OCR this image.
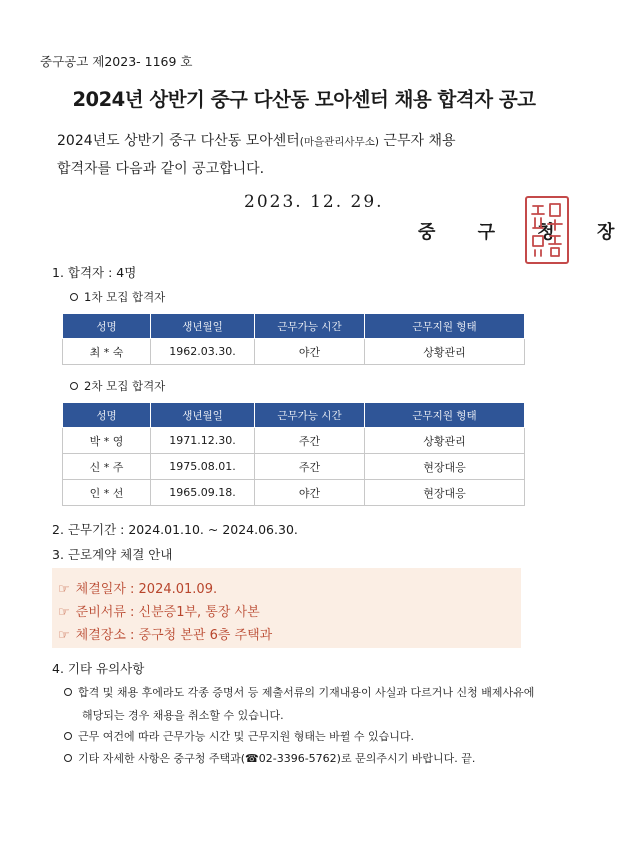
중구공고 제2023- 1169 호
2024년 상반기 중구 다산동 모아센터 채용 합격자 공고
2024년도 상반기 중구 다산동 모아센터(마을관리사무소) 근무자 채용
합격자를 다음과 같이 공고합니다.
2023. 12. 29.
중 구 청 장
1. 합격자 : 4명
1차 모집 합격자
성명	생년월일	근무가능 시간	근무지원 형태
최 * 숙	1962.03.30.	야간	상황관리
2차 모집 합격자
성명	생년월일	근무가능 시간	근무지원 형태
박 * 영	1971.12.30.	주간	상황관리
신 * 주	1975.08.01.	주간	현장대응
인 * 선	1965.09.18.	야간	현장대응
2. 근무기간 : 2024.01.10. ~ 2024.06.30.
3. 근로계약 체결 안내
☞ 체결일자 : 2024.01.09.
☞ 준비서류 : 신분증1부, 통장 사본
☞ 체결장소 : 중구청 본관 6층 주택과
4. 기타 유의사항
합격 및 채용 후에라도 각종 증명서 등 제출서류의 기재내용이 사실과 다르거나 신청 배제사유에
해당되는 경우 채용을 취소할 수 있습니다.
근무 여건에 따라 근무가능 시간 및 근무지원 형태는 바뀔 수 있습니다.
기타 자세한 사항은 중구청 주택과(☎02-3396-5762)로 문의주시기 바랍니다. 끝.
